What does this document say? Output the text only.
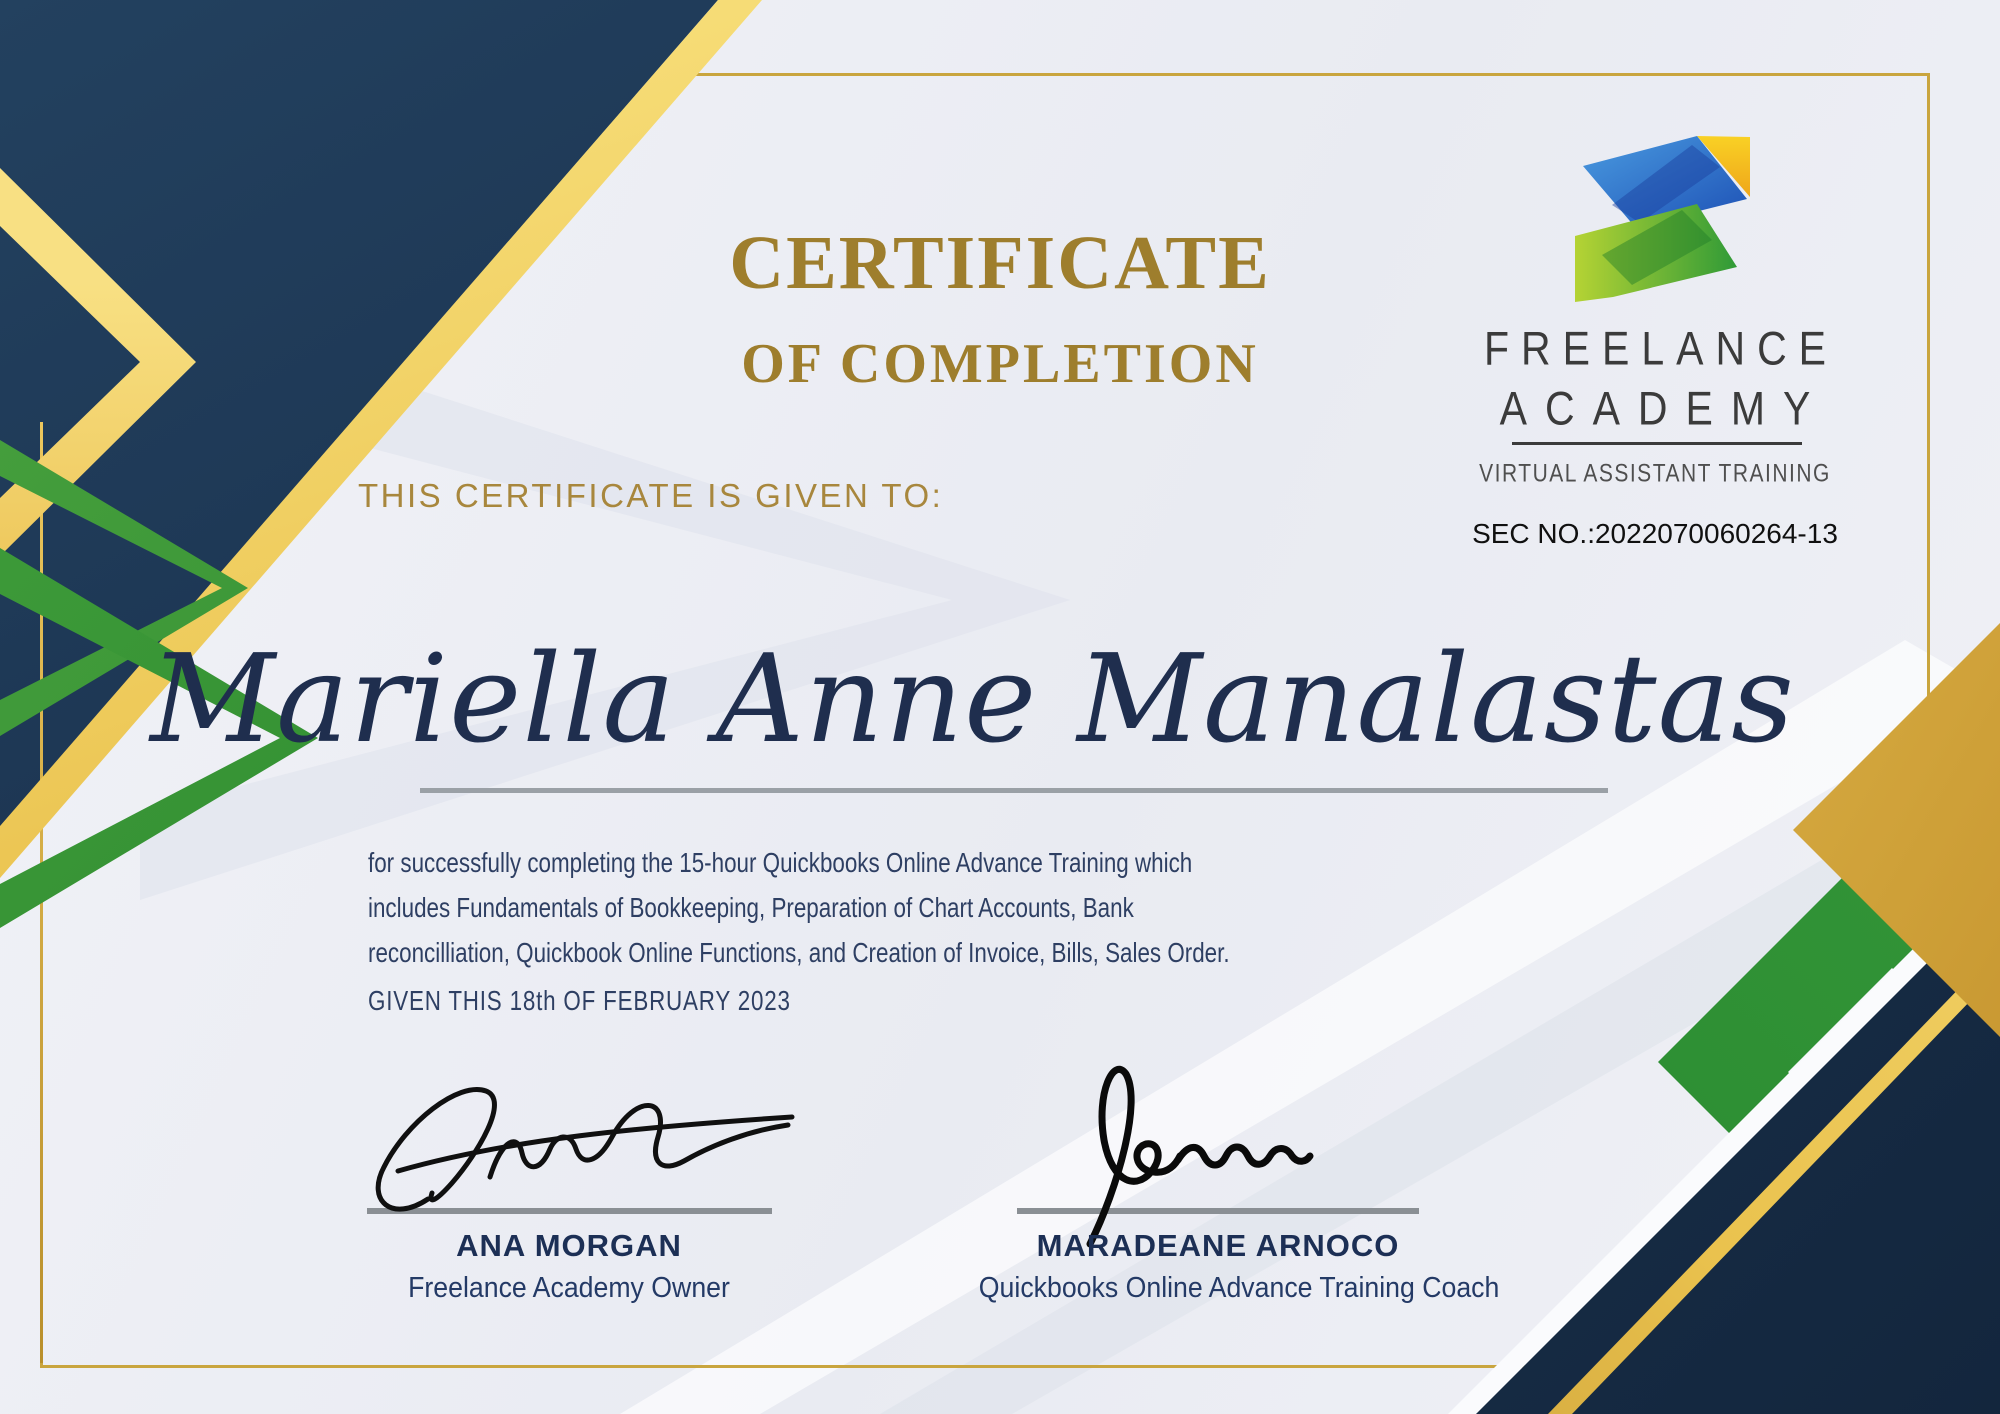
CERTIFICATE
OF COMPLETION
THIS CERTIFICATE IS GIVEN TO:
Mariella Anne Manalastas
for successfully completing the 15-hour Quickbooks Online Advance Training which
includes Fundamentals of Bookkeeping, Preparation of Chart Accounts, Bank
reconcilliation, Quickbook Online Functions, and Creation of Invoice, Bills, Sales Order.
GIVEN THIS 18th OF FEBRUARY 2023
FREELANCE
ACADEMY
VIRTUAL ASSISTANT TRAINING
SEC NO.:2022070060264-13
ANA MORGAN
Freelance Academy Owner
MARADEANE ARNOCO
Quickbooks Online Advance Training Coach
